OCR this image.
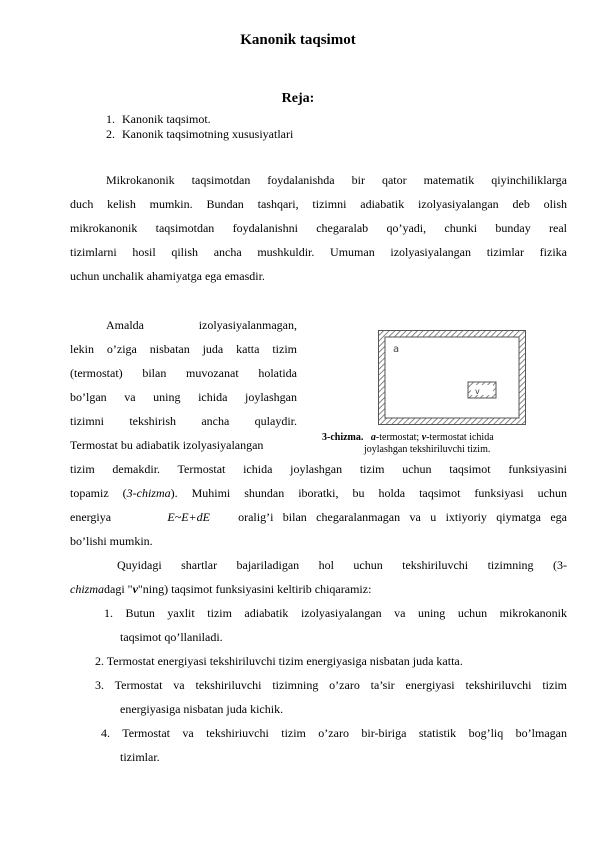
Kanonik taqsimot
Reja:
1. Kanonik taqsimot.
2. Kanonik taqsimotning xususiyatlari
Mikrokanonik taqsimotdan foydalanishda bir qator matematik qiyinchiliklarga
duch kelish mumkin. Bundan tashqari, tizimni adiabatik izolyasiyalangan deb olish
mikrokanonik taqsimotdan foydalanishni chegaralab qo’yadi, chunki bunday real
tizimlarni hosil qilish ancha mushkuldir. Umuman izolyasiyalangan tizimlar fizika
uchun unchalik ahamiyatga ega emasdir.
Amalda izolyasiyalanmagan,
lekin o’ziga nisbatan juda katta tizim
(termostat) bilan muvozanat holatida
bo’lgan va uning ichida joylashgan
tizimni tekshirish ancha qulaydir.
Termostat bu adiabatik izolyasiyalangan
a
v
3-chizma. a-termostat; v-termostat ichida
joylashgan tekshiriluvchi tizim.
tizim demakdir. Termostat ichida joylashgan tizim uchun taqsimot funksiyasini
topamiz (3-chizma). Muhimi shundan iboratki, bu holda taqsimot funksiyasi uchun
energiya	E~E+dE oralig’i bilan chegaralanmagan va u ixtiyoriy qiymatga ega
bo’lishi mumkin.
Quyidagi shartlar bajariladigan hol uchun tekshiriluvchi tizimning (3-
chizmadagi "v"ning) taqsimot funksiyasini keltirib chiqaramiz:
1. Butun yaxlit tizim adiabatik izolyasiyalangan va uning uchun mikrokanonik
taqsimot qo’llaniladi.
2. Termostat energiyasi tekshiriluvchi tizim energiyasiga nisbatan juda katta.
3. Termostat va tekshiriluvchi tizimning o’zaro ta’sir energiyasi tekshiriluvchi tizim
energiyasiga nisbatan juda kichik.
4. Termostat va tekshiriuvchi tizim o’zaro bir-biriga statistik bog’liq bo’lmagan
tizimlar.
